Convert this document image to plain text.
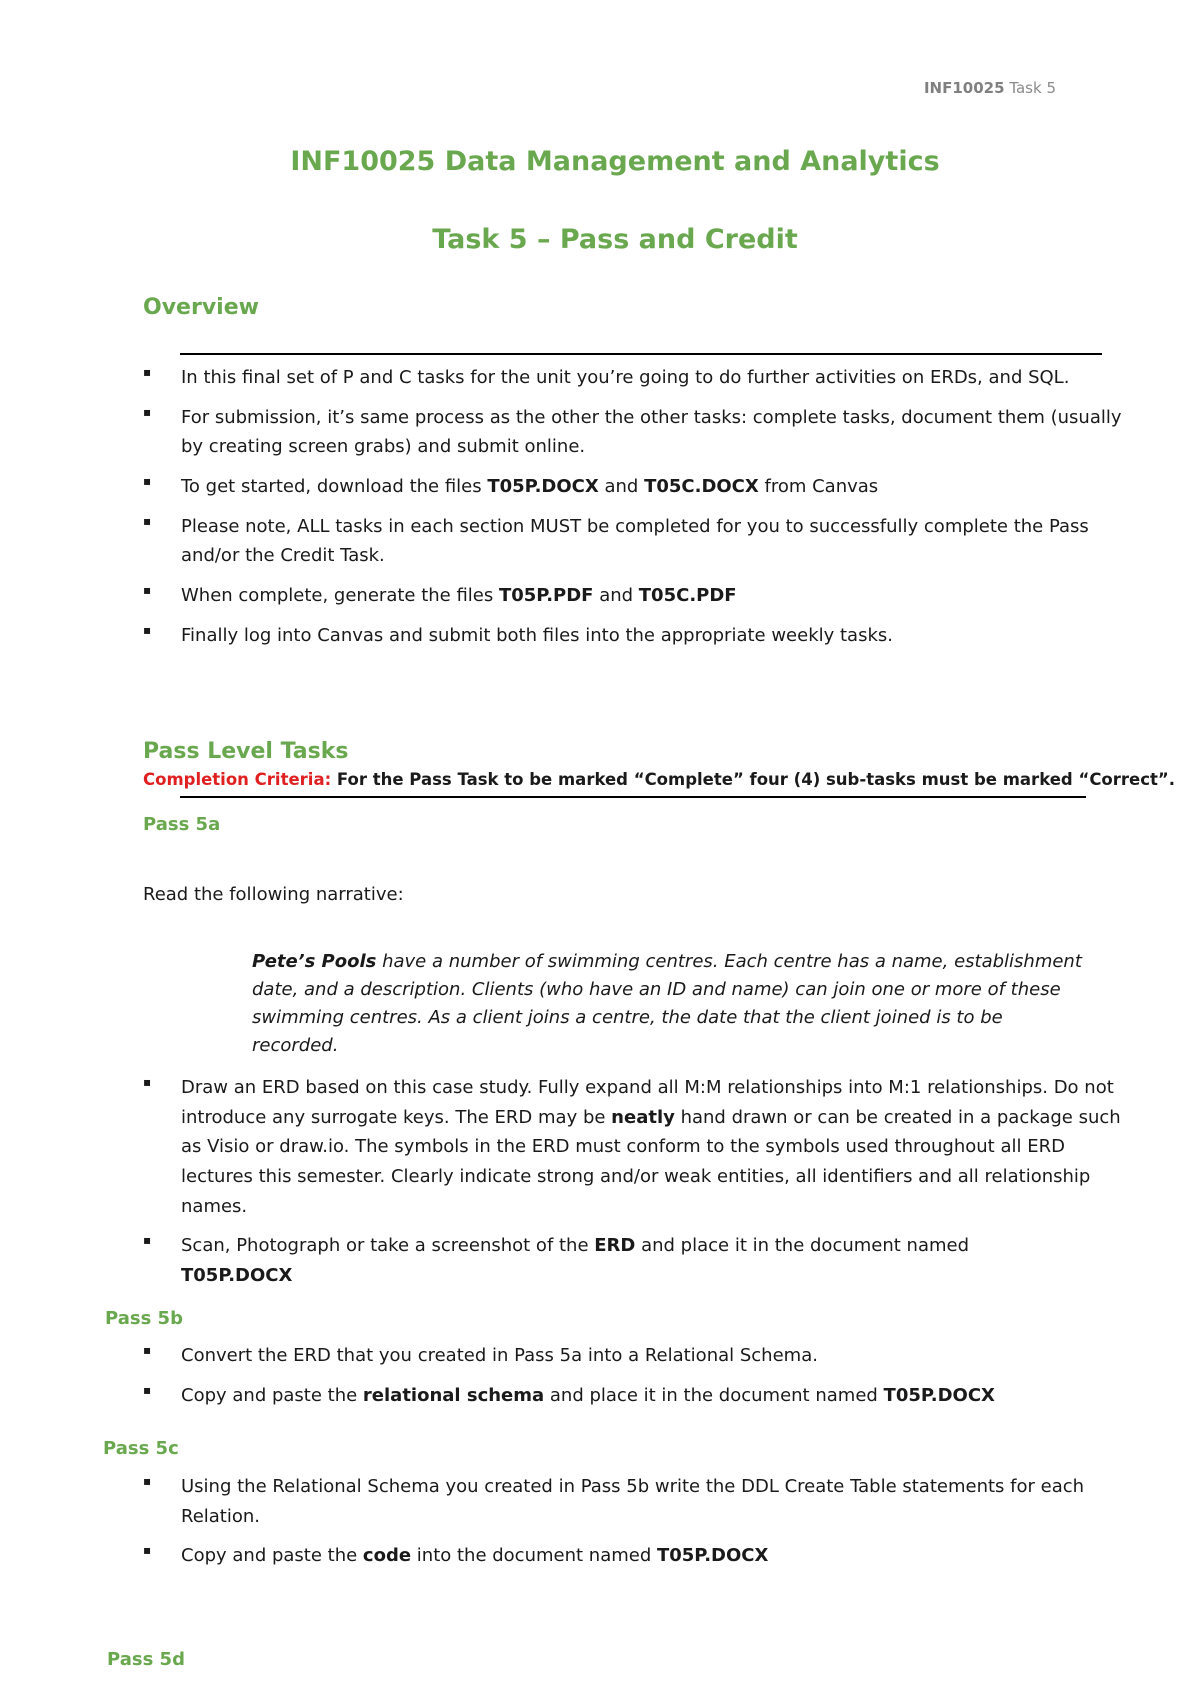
INF10025 Task 5
INF10025 Data Management and Analytics
Task 5 – Pass and Credit
Overview
▪ In this final set of P and C tasks for the unit you’re going to do further activities on ERDs, and SQL.
▪ For submission, it’s same process as the other the other tasks: complete tasks, document them (usually by creating screen grabs) and submit online.
▪ To get started, download the files T05P.DOCX and T05C.DOCX from Canvas
▪ Please note, ALL tasks in each section MUST be completed for you to successfully complete the Pass and/or the Credit Task.
▪ When complete, generate the files T05P.PDF and T05C.PDF
▪ Finally log into Canvas and submit both files into the appropriate weekly tasks.
Pass Level Tasks
Completion Criteria: For the Pass Task to be marked “Complete” four (4) sub-tasks must be marked “Correct”.
Pass 5a
Read the following narrative:
Pete’s Pools have a number of swimming centres. Each centre has a name, establishment date, and a description. Clients (who have an ID and name) can join one or more of these swimming centres. As a client joins a centre, the date that the client joined is to be recorded.
▪ Draw an ERD based on this case study. Fully expand all M:M relationships into M:1 relationships. Do not introduce any surrogate keys. The ERD may be neatly hand drawn or can be created in a package such as Visio or draw.io. The symbols in the ERD must conform to the symbols used throughout all ERD lectures this semester. Clearly indicate strong and/or weak entities, all identifiers and all relationship names.
▪ Scan, Photograph or take a screenshot of the ERD and place it in the document named
T05P.DOCX
Pass 5b
▪ Convert the ERD that you created in Pass 5a into a Relational Schema.
▪ Copy and paste the relational schema and place it in the document named T05P.DOCX
Pass 5c
▪ Using the Relational Schema you created in Pass 5b write the DDL Create Table statements for each Relation.
▪ Copy and paste the code into the document named T05P.DOCX
Pass 5d
